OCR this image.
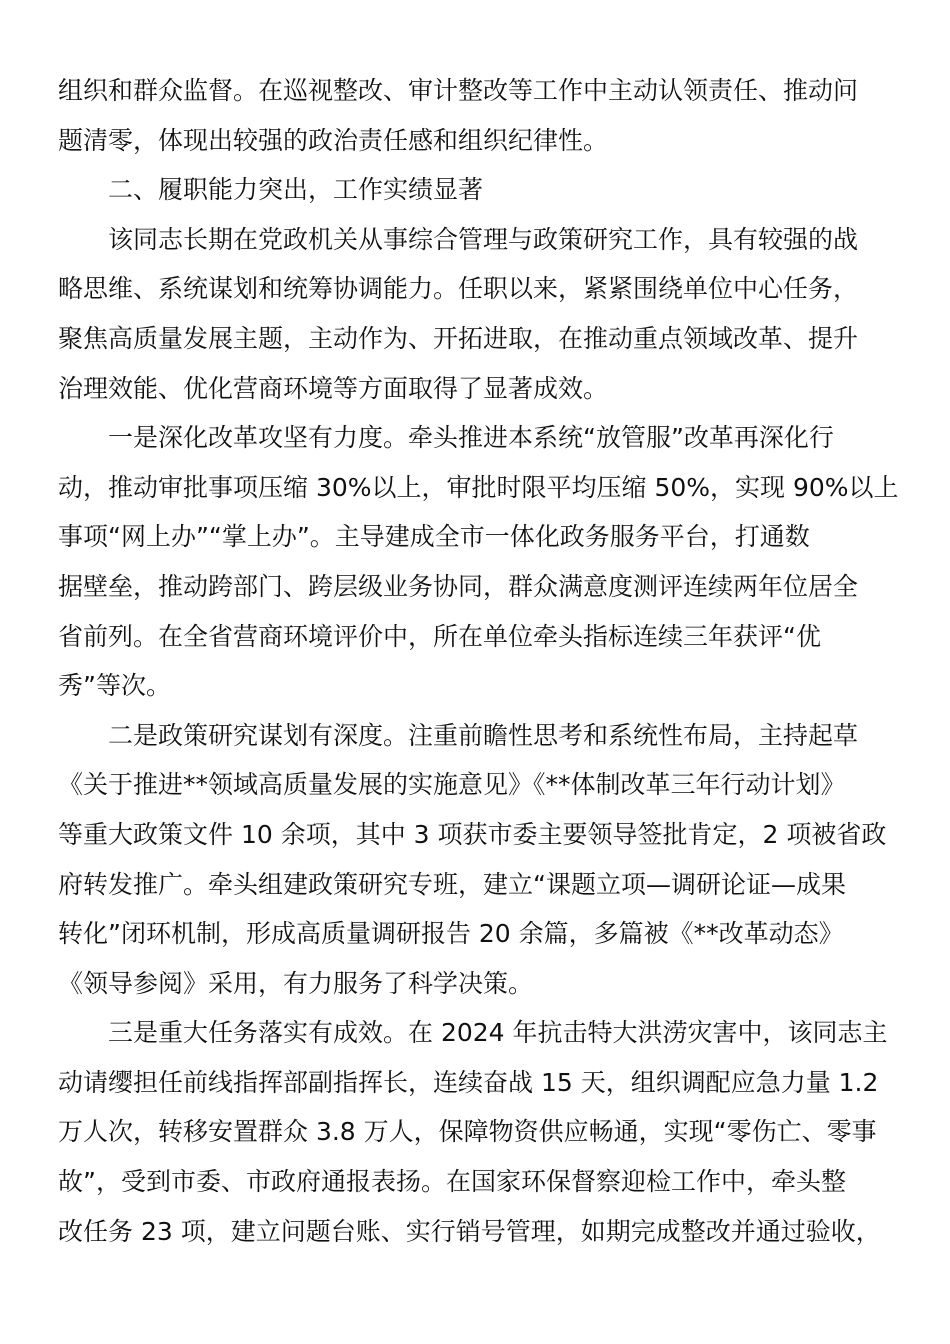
组织和群众监督。在巡视整改、审计整改等工作中主动认领责任、推动问
题清零，体现出较强的政治责任感和组织纪律性。
二、履职能力突出，工作实绩显著
该同志长期在党政机关从事综合管理与政策研究工作，具有较强的战
略思维、系统谋划和统筹协调能力。任职以来，紧紧围绕单位中心任务，
聚焦高质量发展主题，主动作为、开拓进取，在推动重点领域改革、提升
治理效能、优化营商环境等方面取得了显著成效。
一是深化改革攻坚有力度。牵头推进本系统“放管服”改革再深化行
动，推动审批事项压缩 30%以上，审批时限平均压缩 50%，实现 90%以上
事项“网上办”“掌上办”。主导建成全市一体化政务服务平台，打通数
据壁垒，推动跨部门、跨层级业务协同，群众满意度测评连续两年位居全
省前列。在全省营商环境评价中，所在单位牵头指标连续三年获评“优
秀”等次。
二是政策研究谋划有深度。注重前瞻性思考和系统性布局，主持起草
《关于推进**领域高质量发展的实施意见》《**体制改革三年行动计划》
等重大政策文件 10 余项，其中 3 项获市委主要领导签批肯定，2 项被省政
府转发推广。牵头组建政策研究专班，建立“课题立项—调研论证—成果
转化”闭环机制，形成高质量调研报告 20 余篇，多篇被《**改革动态》
《领导参阅》采用，有力服务了科学决策。
三是重大任务落实有成效。在 2024 年抗击特大洪涝灾害中，该同志主
动请缨担任前线指挥部副指挥长，连续奋战 15 天，组织调配应急力量 1.2
万人次，转移安置群众 3.8 万人，保障物资供应畅通，实现“零伤亡、零事
故”，受到市委、市政府通报表扬。在国家环保督察迎检工作中，牵头整
改任务 23 项，建立问题台账、实行销号管理，如期完成整改并通过验收，
